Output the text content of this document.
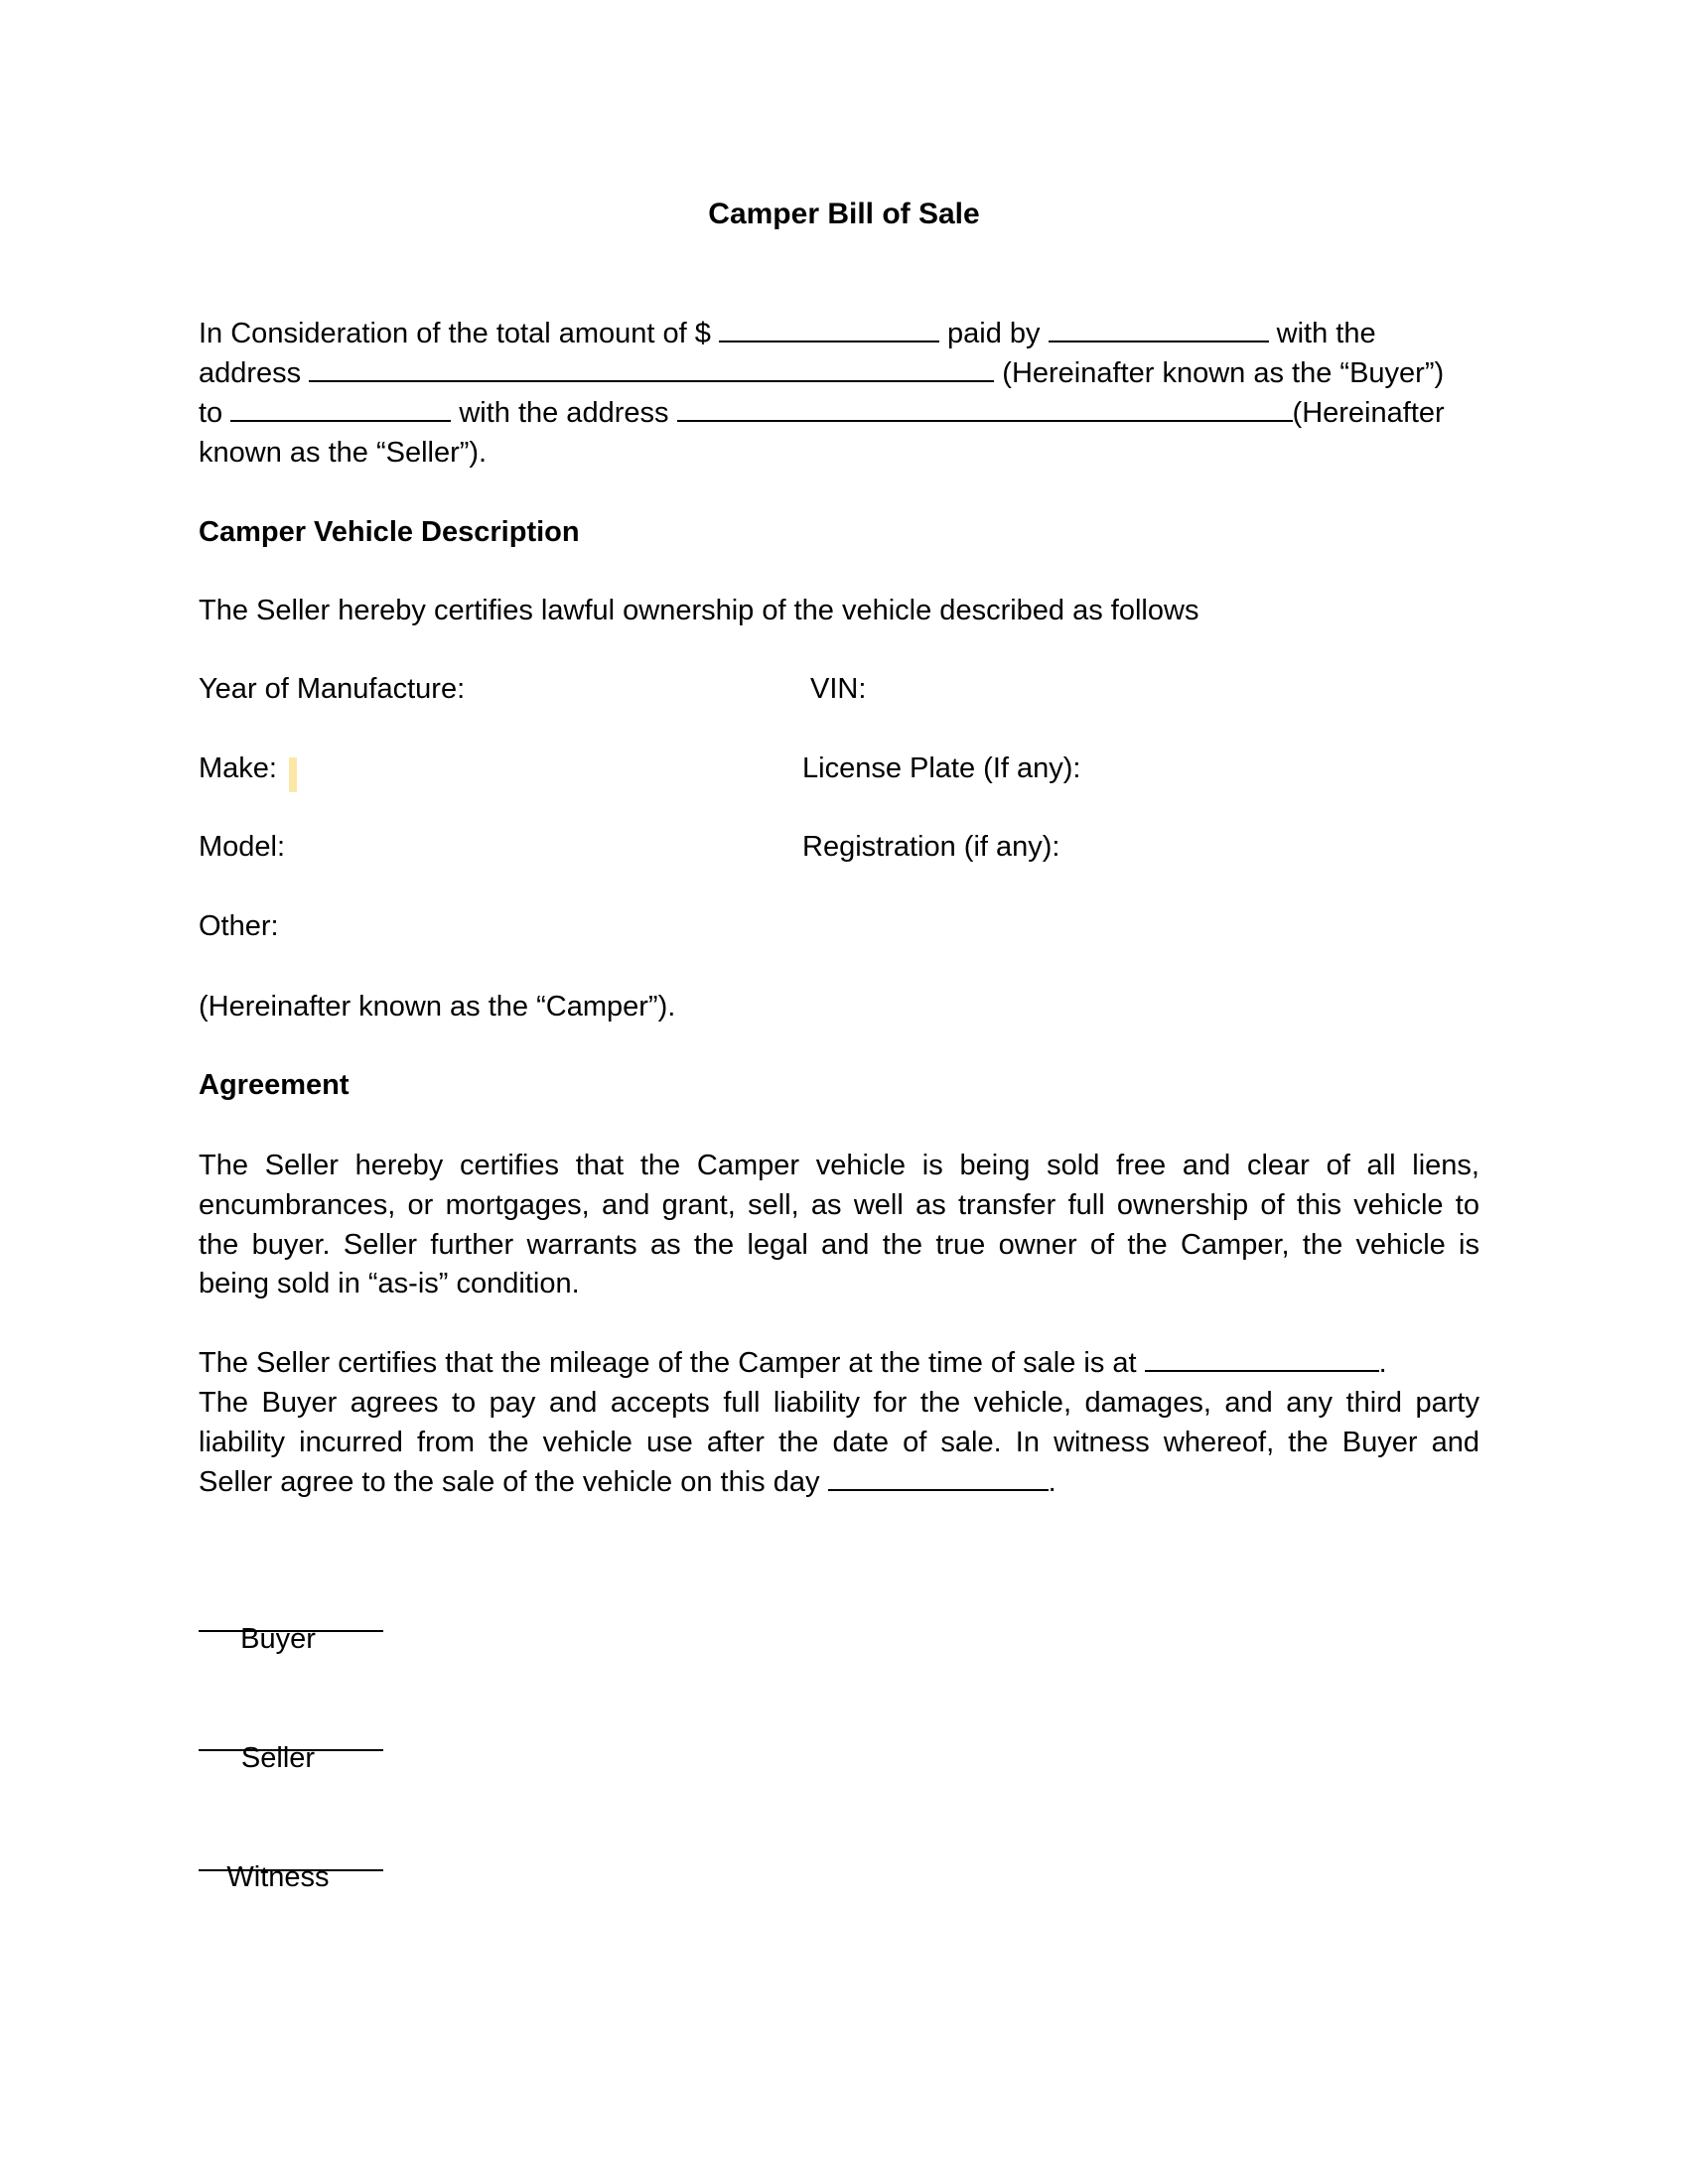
Camper Bill of Sale
In Consideration of the total amount of $	paid by	with the
address	(Hereinafter known as the “Buyer”)
to	with the address	(Hereinafter
known as the “Seller”).
Camper Vehicle Description
The Seller hereby certifies lawful ownership of the vehicle described as follows
Year of Manufacture:	VIN:
Make:	License Plate (If any):
Model:	Registration (if any):
Other:
(Hereinafter known as the “Camper”).
Agreement
The Seller hereby certifies that the Camper vehicle is being sold free and clear of all liens,
encumbrances, or mortgages, and grant, sell, as well as transfer full ownership of this vehicle to
the buyer. Seller further warrants as the legal and the true owner of the Camper, the vehicle is
being sold in “as-is” condition.
The Seller certifies that the mileage of the Camper at the time of sale is at	.
The Buyer agrees to pay and accepts full liability for the vehicle, damages, and any third party
liability incurred from the vehicle use after the date of sale. In witness whereof, the Buyer and
Seller agree to the sale of the vehicle on this day	.
Buyer
Seller
Witness
